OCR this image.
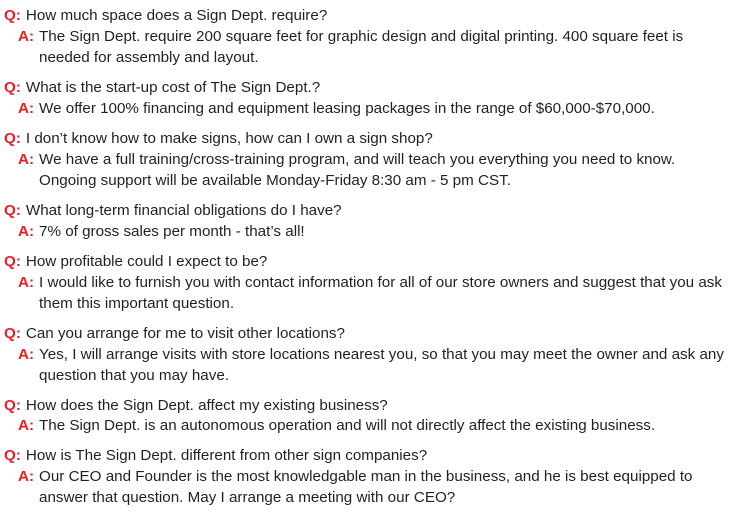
Q: How much space does a Sign Dept. require?
A: The Sign Dept. require 200 square feet for graphic design and digital printing. 400 square feet is needed for assembly and layout.
Q: What is the start-up cost of The Sign Dept.?
A: We offer 100% financing and equipment leasing packages in the range of $60,000-$70,000.
Q: I don’t know how to make signs, how can I own a sign shop?
A: We have a full training/cross-training program, and will teach you everything you need to know. Ongoing support will be available Monday-Friday 8:30 am - 5 pm CST.
Q: What long-term financial obligations do I have?
A: 7% of gross sales per month - that’s all!
Q: How profitable could I expect to be?
A: I would like to furnish you with contact information for all of our store owners and suggest that you ask them this important question.
Q: Can you arrange for me to visit other locations?
A: Yes, I will arrange visits with store locations nearest you, so that you may meet the owner and ask any question that you may have.
Q: How does the Sign Dept. affect my existing business?
A: The Sign Dept. is an autonomous operation and will not directly affect the existing business.
Q: How is The Sign Dept. different from other sign companies?
A: Our CEO and Founder is the most knowledgable man in the business, and he is best equipped to answer that question. May I arrange a meeting with our CEO?
